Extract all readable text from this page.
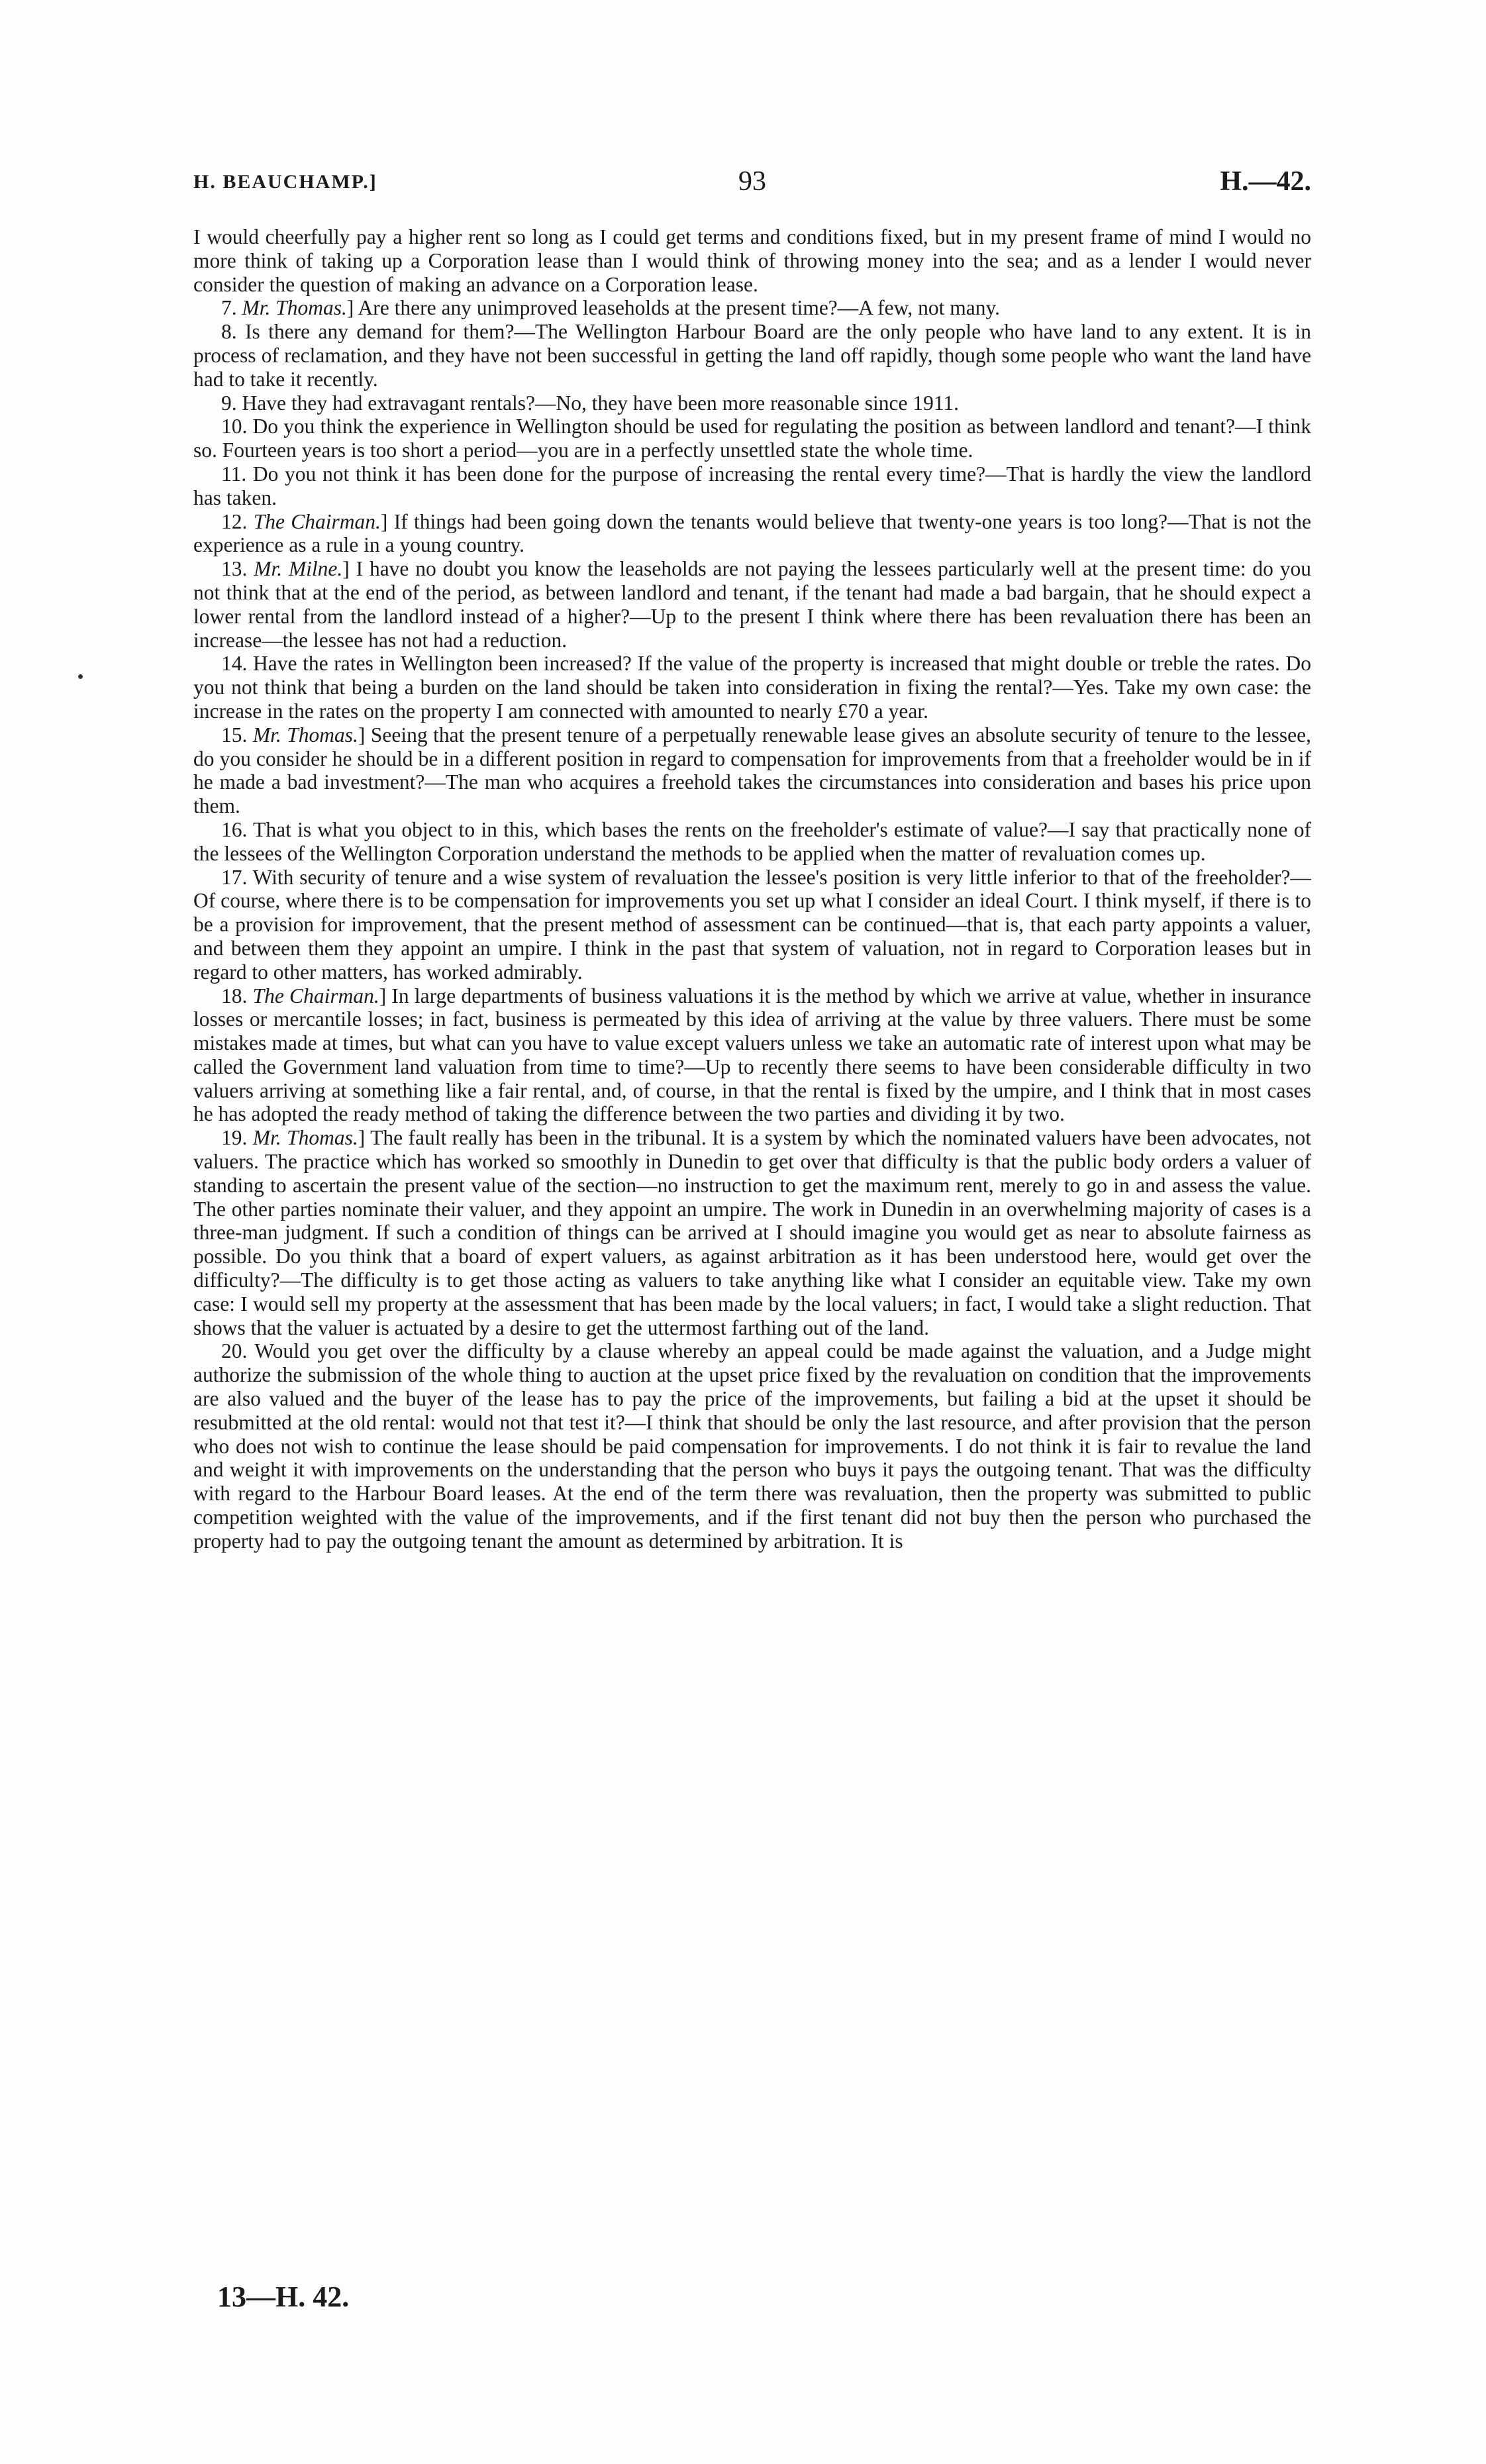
H. BEAUCHAMP.]	93	H.—42.

I would cheerfully pay a higher rent so long as I could get terms and conditions fixed, but in my present frame of mind I would no more think of taking up a Corporation lease than I would think of throwing money into the sea; and as a lender I would never consider the question of making an advance on a Corporation lease.

7. Mr. Thomas.] Are there any unimproved leaseholds at the present time?—A few, not many.

8. Is there any demand for them?—The Wellington Harbour Board are the only people who have land to any extent. It is in process of reclamation, and they have not been successful in getting the land off rapidly, though some people who want the land have had to take it recently.

9. Have they had extravagant rentals?—No, they have been more reasonable since 1911.

10. Do you think the experience in Wellington should be used for regulating the position as between landlord and tenant?—I think so. Fourteen years is too short a period—you are in a perfectly unsettled state the whole time.

11. Do you not think it has been done for the purpose of increasing the rental every time?—That is hardly the view the landlord has taken.

12. The Chairman.] If things had been going down the tenants would believe that twenty-one years is too long?—That is not the experience as a rule in a young country.

13. Mr. Milne.] I have no doubt you know the leaseholds are not paying the lessees particularly well at the present time: do you not think that at the end of the period, as between landlord and tenant, if the tenant had made a bad bargain, that he should expect a lower rental from the landlord instead of a higher?—Up to the present I think where there has been revaluation there has been an increase—the lessee has not had a reduction.

14. Have the rates in Wellington been increased? If the value of the property is increased that might double or treble the rates. Do you not think that being a burden on the land should be taken into consideration in fixing the rental?—Yes. Take my own case: the increase in the rates on the property I am connected with amounted to nearly £70 a year.

15. Mr. Thomas.] Seeing that the present tenure of a perpetually renewable lease gives an absolute security of tenure to the lessee, do you consider he should be in a different position in regard to compensation for improvements from that a freeholder would be in if he made a bad investment?—The man who acquires a freehold takes the circumstances into consideration and bases his price upon them.

16. That is what you object to in this, which bases the rents on the freeholder's estimate of value?—I say that practically none of the lessees of the Wellington Corporation understand the methods to be applied when the matter of revaluation comes up.

17. With security of tenure and a wise system of revaluation the lessee's position is very little inferior to that of the freeholder?—Of course, where there is to be compensation for improvements you set up what I consider an ideal Court. I think myself, if there is to be a provision for improvement, that the present method of assessment can be continued—that is, that each party appoints a valuer, and between them they appoint an umpire. I think in the past that system of valuation, not in regard to Corporation leases but in regard to other matters, has worked admirably.

18. The Chairman.] In large departments of business valuations it is the method by which we arrive at value, whether in insurance losses or mercantile losses; in fact, business is permeated by this idea of arriving at the value by three valuers. There must be some mistakes made at times, but what can you have to value except valuers unless we take an automatic rate of interest upon what may be called the Government land valuation from time to time?—Up to recently there seems to have been considerable difficulty in two valuers arriving at something like a fair rental, and, of course, in that the rental is fixed by the umpire, and I think that in most cases he has adopted the ready method of taking the difference between the two parties and dividing it by two.

19. Mr. Thomas.] The fault really has been in the tribunal. It is a system by which the nominated valuers have been advocates, not valuers. The practice which has worked so smoothly in Dunedin to get over that difficulty is that the public body orders a valuer of standing to ascertain the present value of the section—no instruction to get the maximum rent, merely to go in and assess the value. The other parties nominate their valuer, and they appoint an umpire. The work in Dunedin in an overwhelming majority of cases is a three-man judgment. If such a condition of things can be arrived at I should imagine you would get as near to absolute fairness as possible. Do you think that a board of expert valuers, as against arbitration as it has been understood here, would get over the difficulty?—The difficulty is to get those acting as valuers to take anything like what I consider an equitable view. Take my own case: I would sell my property at the assessment that has been made by the local valuers; in fact, I would take a slight reduction. That shows that the valuer is actuated by a desire to get the uttermost farthing out of the land.

20. Would you get over the difficulty by a clause whereby an appeal could be made against the valuation, and a Judge might authorize the submission of the whole thing to auction at the upset price fixed by the revaluation on condition that the improvements are also valued and the buyer of the lease has to pay the price of the improvements, but failing a bid at the upset it should be resubmitted at the old rental: would not that test it?—I think that should be only the last resource, and after provision that the person who does not wish to continue the lease should be paid compensation for improvements. I do not think it is fair to revalue the land and weight it with improvements on the understanding that the person who buys it pays the outgoing tenant. That was the difficulty with regard to the Harbour Board leases. At the end of the term there was revaluation, then the property was submitted to public competition weighted with the value of the improvements, and if the first tenant did not buy then the person who purchased the property had to pay the outgoing tenant the amount as determined by arbitration. It is

13—H. 42.
